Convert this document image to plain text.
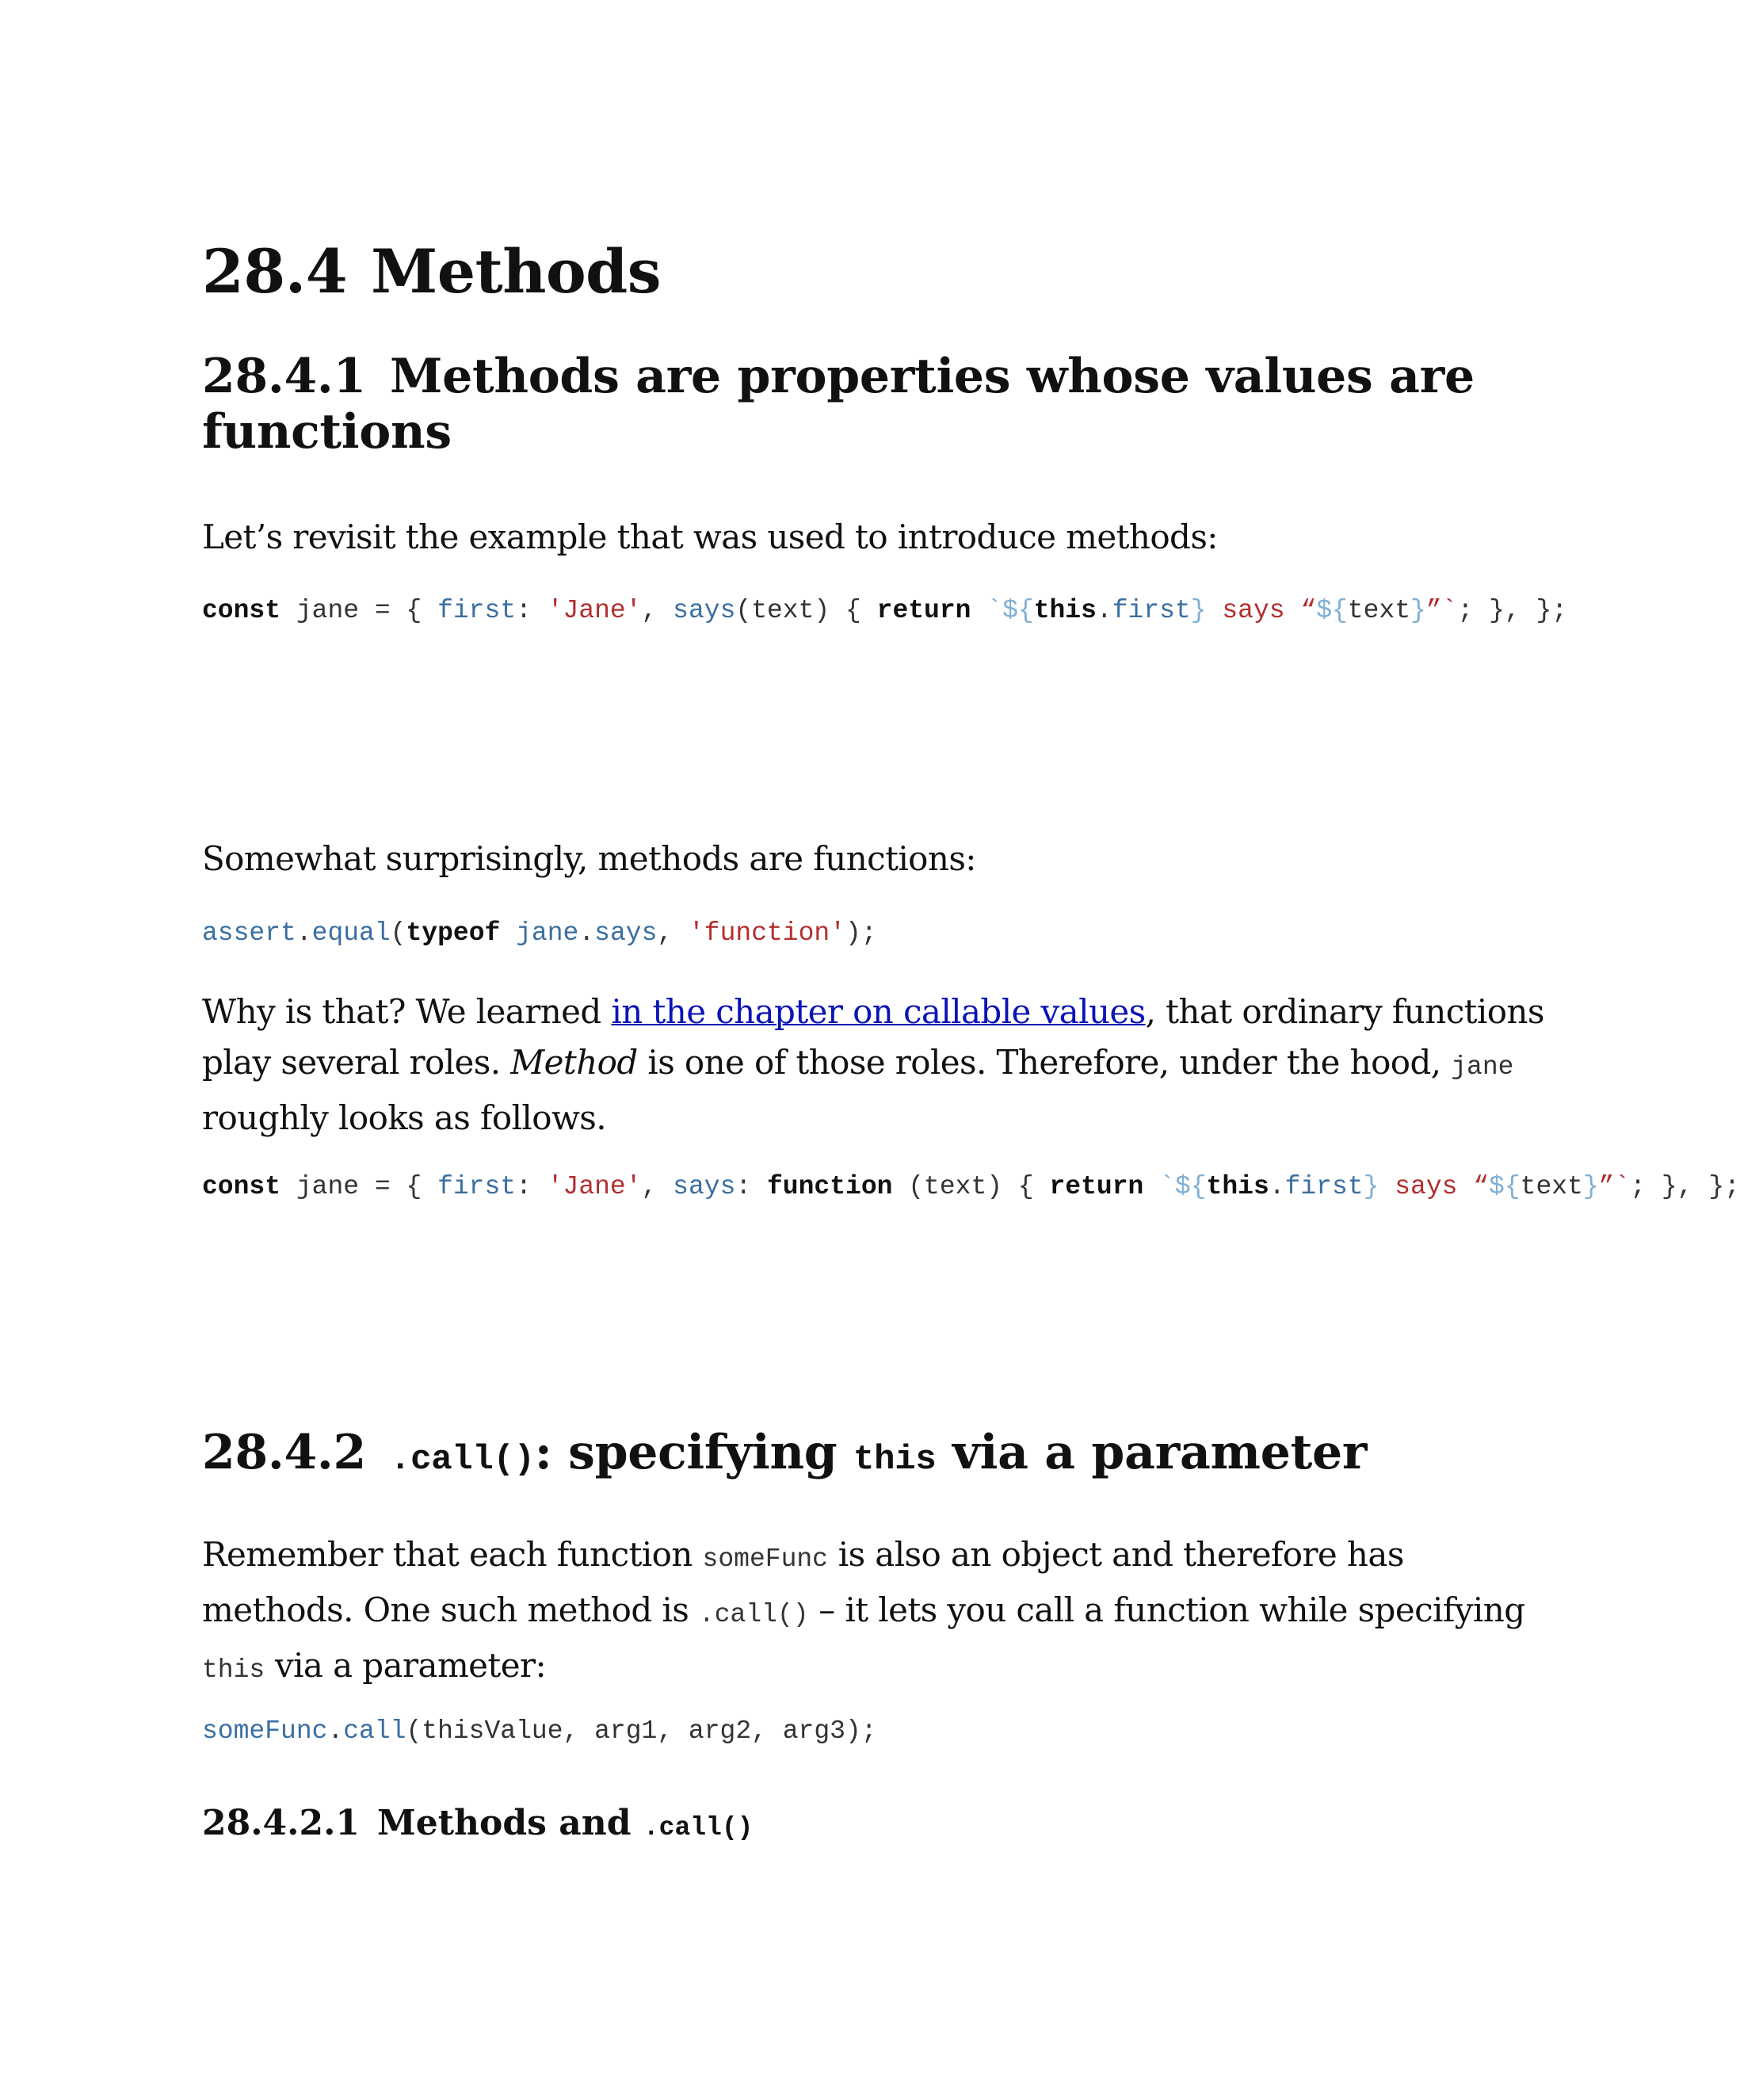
28.4 Methods
28.4.1 Methods are properties whose values are
functions

Let’s revisit the example that was used to introduce methods:

const jane = { first: 'Jane', says(text) { return `${this.first} says “${text}”`; }, };

Somewhat surprisingly, methods are functions:

assert.equal(typeof jane.says, 'function');

Why is that? We learned in the chapter on callable values, that ordinary functions
play several roles. Method is one of those roles. Therefore, under the hood, jane
roughly looks as follows.

const jane = { first: 'Jane', says: function (text) { return `${this.first} says “${text}”`; }, };
28.4.2 .call(): specifying this via a parameter

Remember that each function someFunc is also an object and therefore has
methods. One such method is .call() – it lets you call a function while specifying
this via a parameter:

someFunc.call(thisValue, arg1, arg2, arg3);
28.4.2.1 Methods and .call()
